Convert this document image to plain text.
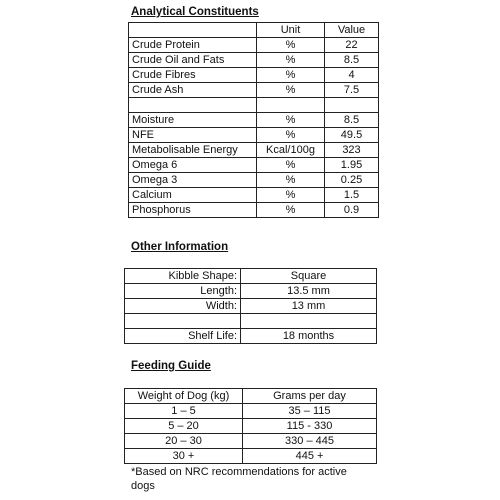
Analytical Constituents
	Unit	Value
Crude Protein	%	22
Crude Oil and Fats	%	8.5
Crude Fibres	%	4
Crude Ash	%	7.5

Moisture	%	8.5
NFE	%	49.5
Metabolisable Energy	Kcal/100g	323
Omega 6	%	1.95
Omega 3	%	0.25
Calcium	%	1.5
Phosphorus	%	0.9
Other Information
Kibble Shape:	Square
Length:	13.5 mm
Width:	13 mm

Shelf Life:	18 months
Feeding Guide
Weight of Dog (kg)	Grams per day
1 – 5	35 – 115
5 – 20	115 - 330
20 – 30	330 – 445
30 +	445 +
*Based on NRC recommendations for active
dogs
